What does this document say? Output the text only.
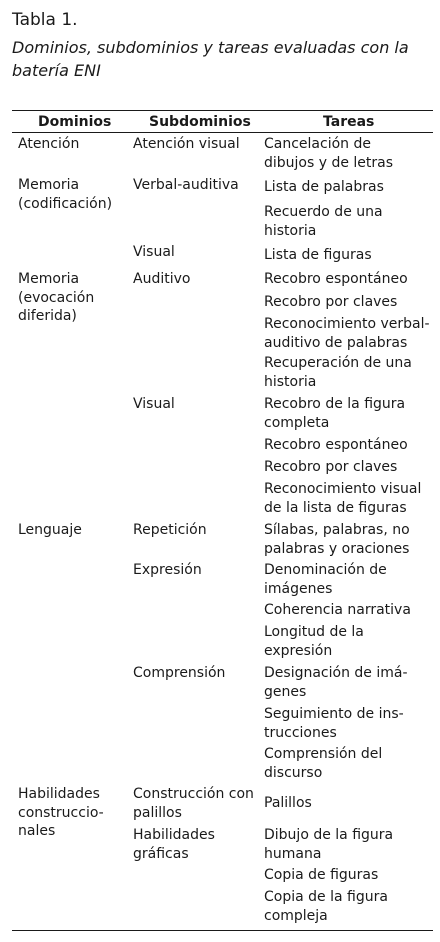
Tabla 1.
Dominios, subdominios y tareas evaluadas con la
batería ENI
Dominios	Subdominios	Tareas
Atención
Memoria
(codificación)
Memoria
(evocación
diferida)
Lenguaje
Habilidades
construccio-
nales
Atención visual
Verbal-auditiva
Visual
Auditivo
Visual
Repetición
Expresión
Comprensión
Construcción con
palillos
Habilidades
gráficas
Cancelación de
dibujos y de letras
Lista de palabras
Recuerdo de una
historia
Lista de figuras
Recobro espontáneo
Recobro por claves
Reconocimiento verbal-
auditivo de palabras
Recuperación de una
historia
Recobro de la figura
completa
Recobro espontáneo
Recobro por claves
Reconocimiento visual
de la lista de figuras
Sílabas, palabras, no
palabras y oraciones
Denominación de
imágenes
Coherencia narrativa
Longitud de la
expresión
Designación de imá-
genes
Seguimiento de ins-
trucciones
Comprensión del
discurso
Palillos
Dibujo de la figura
humana
Copia de figuras
Copia de la figura
compleja
